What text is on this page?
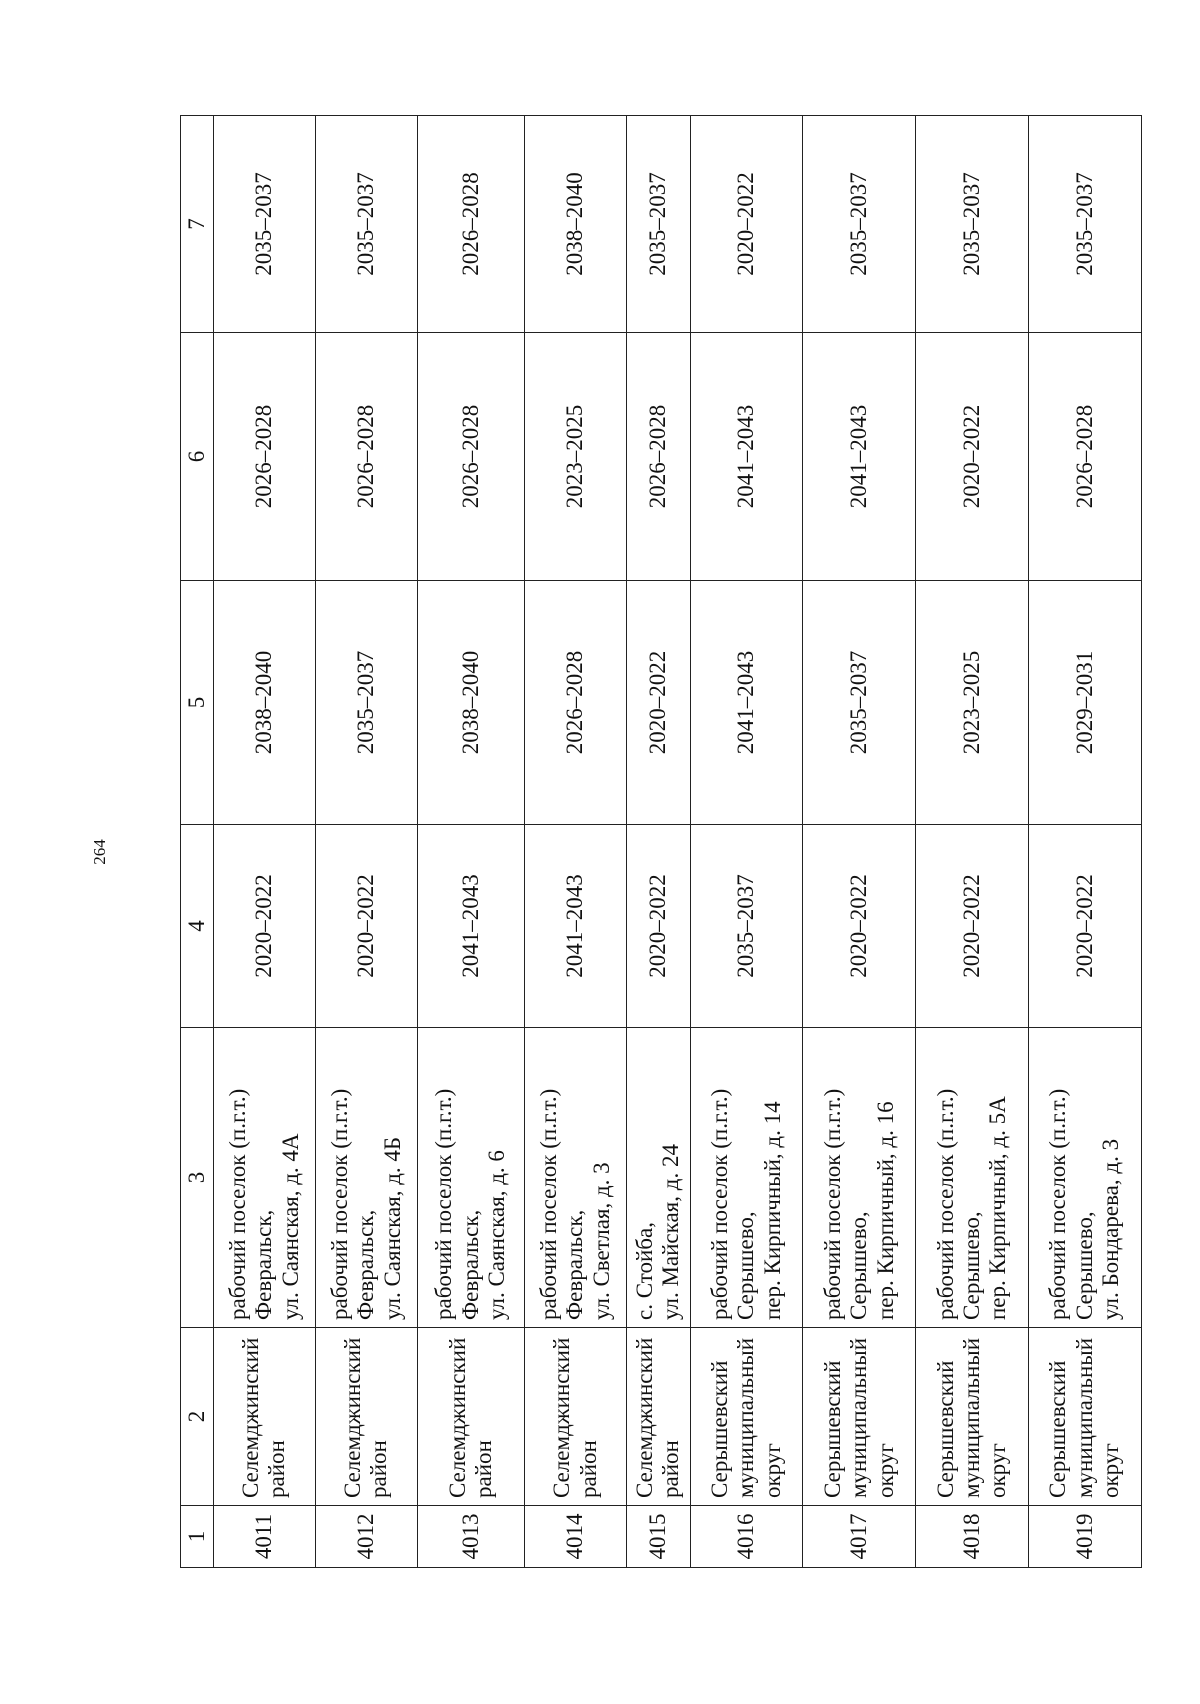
264
1	2	3	4	5	6	7
4011	Селемджинский район	рабочий поселок (п.г.т.) Февральск, ул. Саянская, д. 4А	2020–2022	2038–2040	2026–2028	2035–2037
4012	Селемджинский район	рабочий поселок (п.г.т.) Февральск, ул. Саянская, д. 4Б	2020–2022	2035–2037	2026–2028	2035–2037
4013	Селемджинский район	рабочий поселок (п.г.т.) Февральск, ул. Саянская, д. 6	2041–2043	2038–2040	2026–2028	2026–2028
4014	Селемджинский район	рабочий поселок (п.г.т.) Февральск, ул. Светлая, д. 3	2041–2043	2026–2028	2023–2025	2038–2040
4015	Селемджинский район	с. Стойба, ул. Майская, д. 24	2020–2022	2020–2022	2026–2028	2035–2037
4016	Серышевский муниципальный округ	рабочий поселок (п.г.т.) Серышево, пер. Кирпичный, д. 14	2035–2037	2041–2043	2041–2043	2020–2022
4017	Серышевский муниципальный округ	рабочий поселок (п.г.т.) Серышево, пер. Кирпичный, д. 16	2020–2022	2035–2037	2041–2043	2035–2037
4018	Серышевский муниципальный округ	рабочий поселок (п.г.т.) Серышево, пер. Кирпичный, д. 5А	2020–2022	2023–2025	2020–2022	2035–2037
4019	Серышевский муниципальный округ	рабочий поселок (п.г.т.) Серышево, ул. Бондарева, д. 3	2020–2022	2029–2031	2026–2028	2035–2037
